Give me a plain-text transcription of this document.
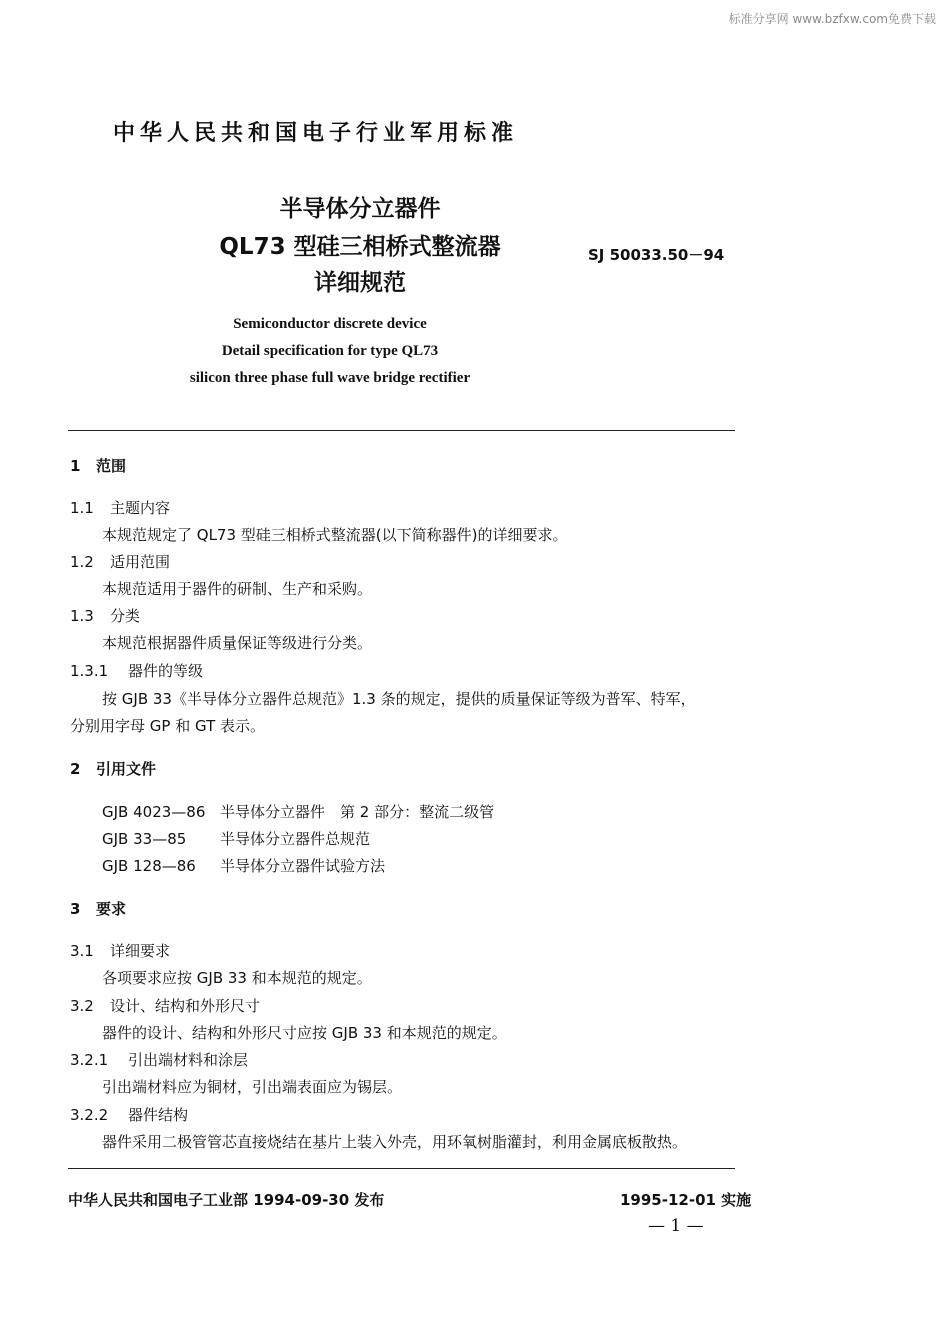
标准分享网 www.bzfxw.com免费下载
中华人民共和国电子行业军用标准
半导体分立器件
QL73 型硅三相桥式整流器
详细规范
SJ 50033.50－94
Semiconductor discrete device
Detail specification for type QL73
silicon three phase full wave bridge rectifier
1 范围
1.1 主题内容
本规范规定了 QL73 型硅三相桥式整流器(以下简称器件)的详细要求。
1.2 适用范围
本规范适用于器件的研制、生产和采购。
1.3 分类
本规范根据器件质量保证等级进行分类。
1.3.1 器件的等级
按 GJB 33《半导体分立器件总规范》1.3 条的规定，提供的质量保证等级为普军、特军，分别用字母 GP 和 GT 表示。
2 引用文件
GJB 4023—86 半导体分立器件　第 2 部分：整流二级管
GJB 33—85 半导体分立器件总规范
GJB 128—86 半导体分立器件试验方法
3 要求
3.1 详细要求
各项要求应按 GJB 33 和本规范的规定。
3.2 设计、结构和外形尺寸
器件的设计、结构和外形尺寸应按 GJB 33 和本规范的规定。
3.2.1 引出端材料和涂层
引出端材料应为铜材，引出端表面应为锡层。
3.2.2 器件结构
器件采用二极管管芯直接烧结在基片上装入外壳，用环氧树脂灌封，利用金属底板散热。
中华人民共和国电子工业部 1994-09-30 发布	1995-12-01 实施
— 1 —
